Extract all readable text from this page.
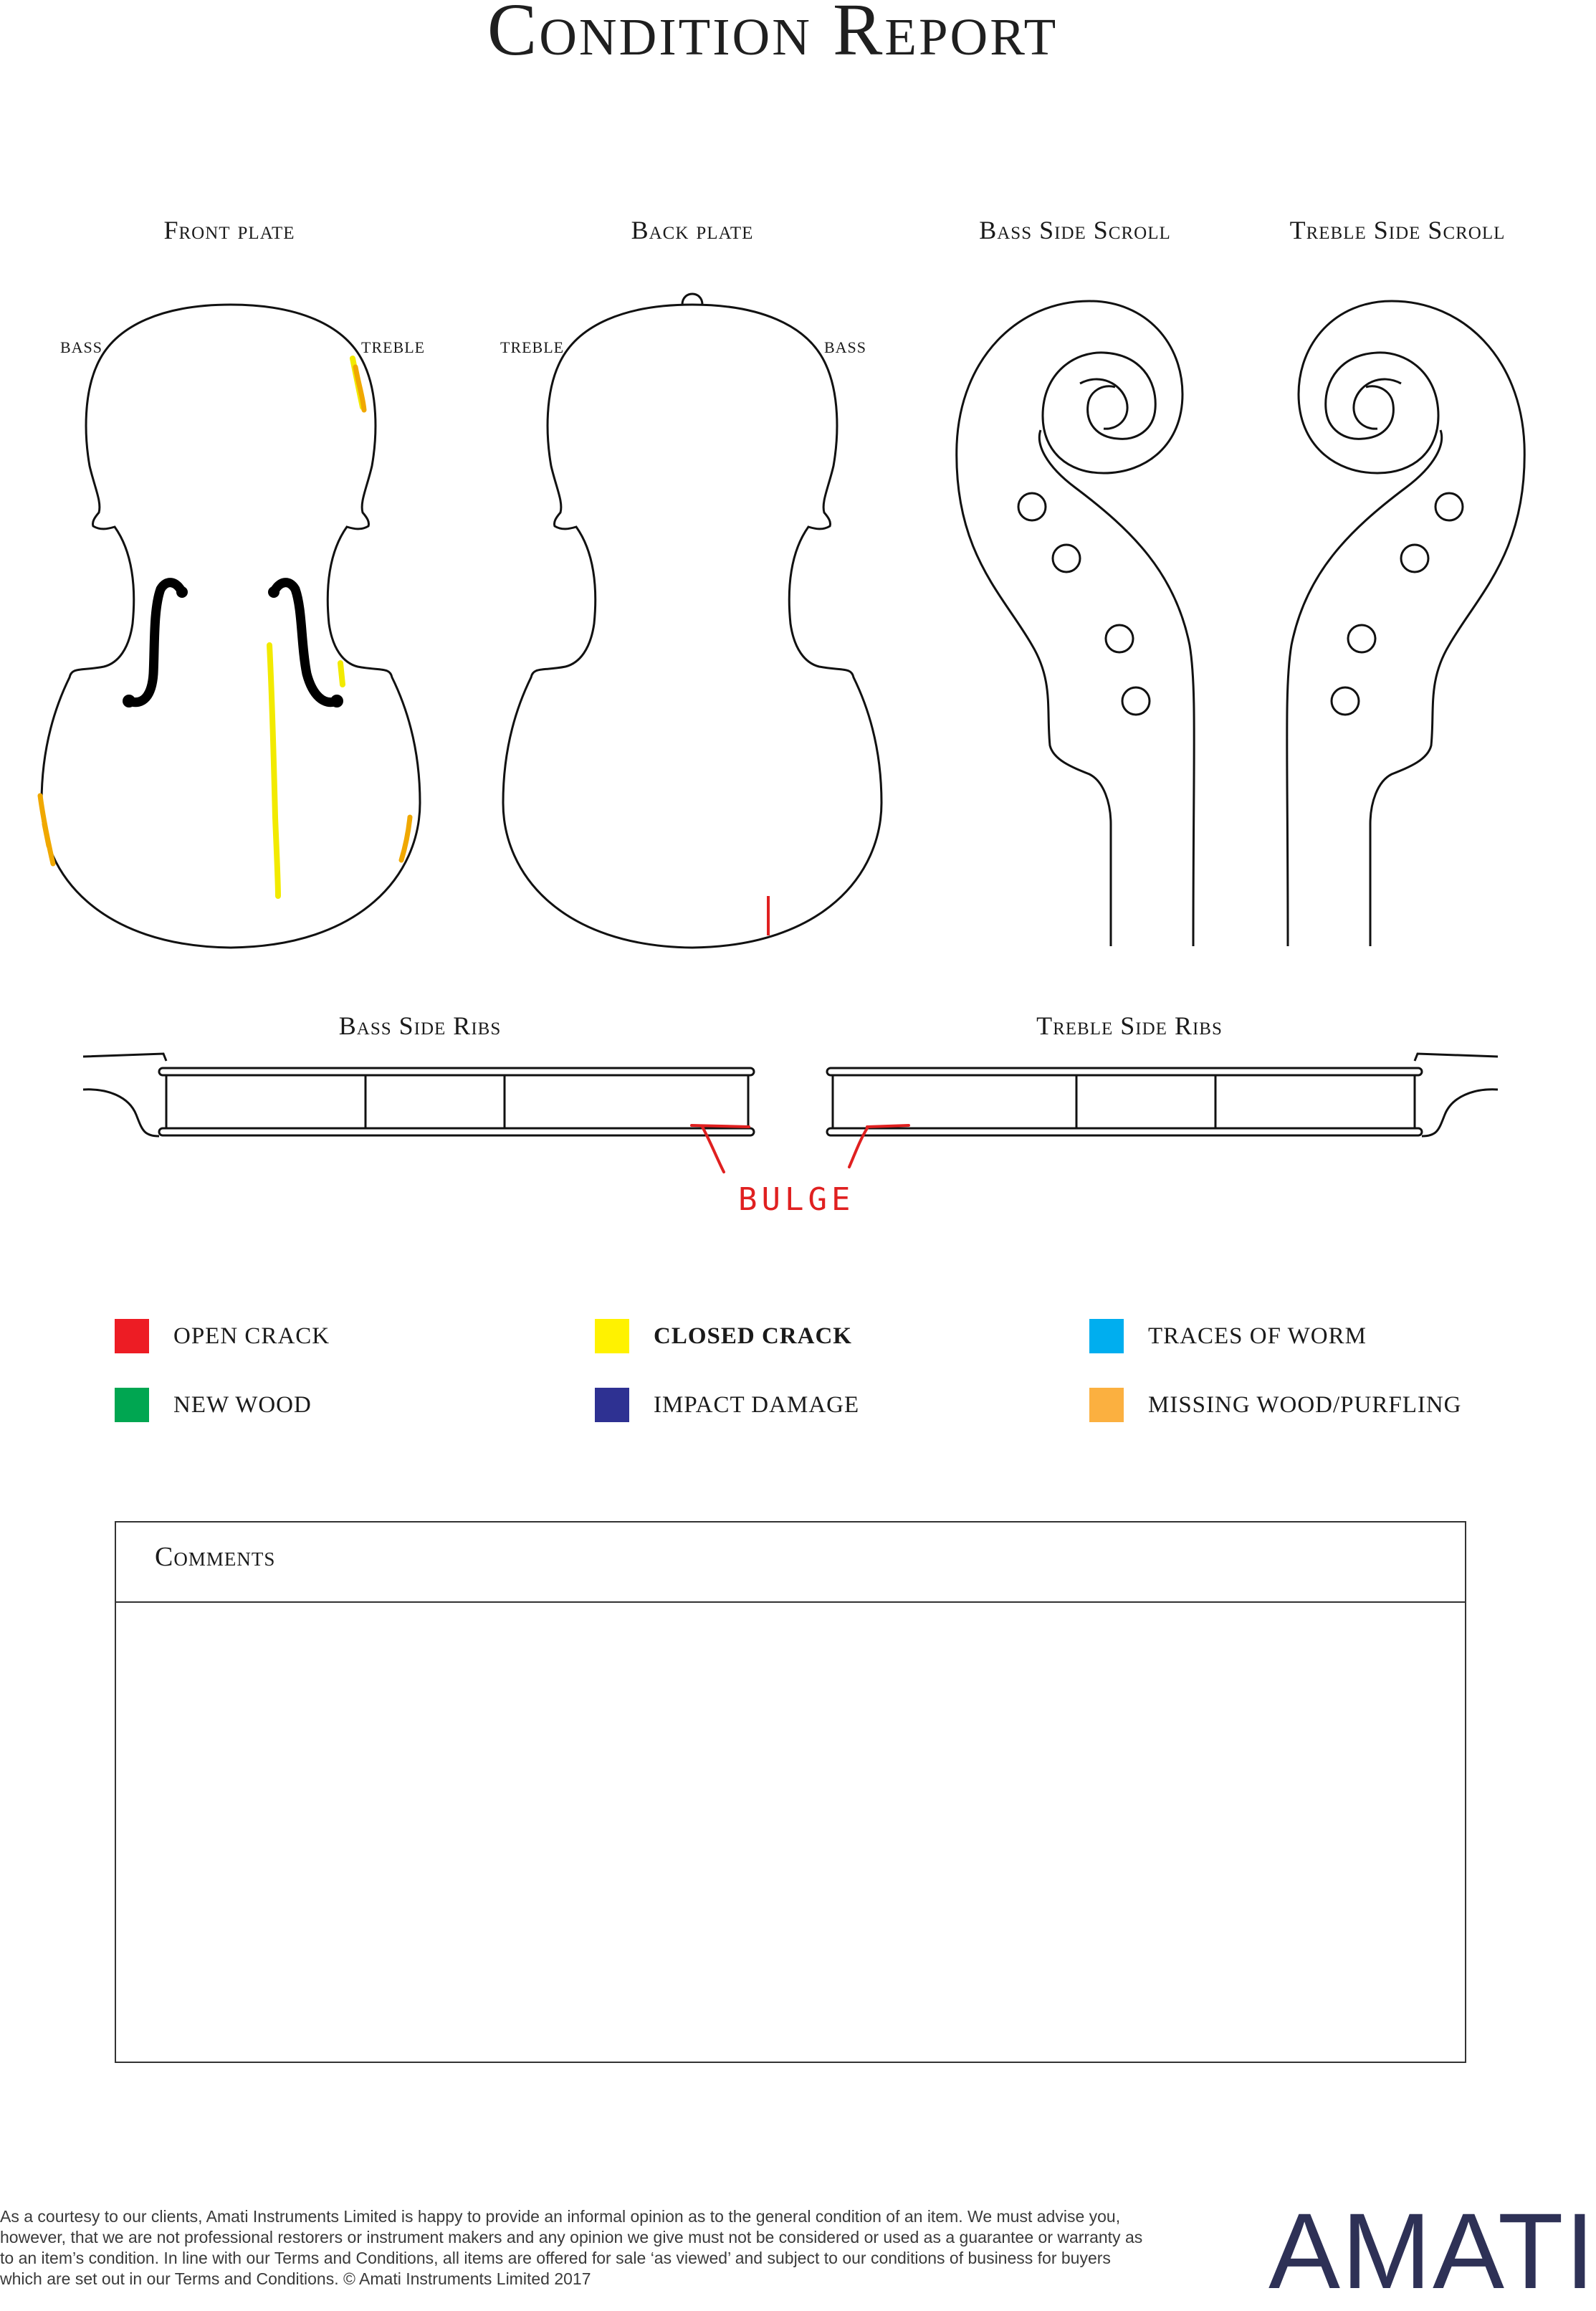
Condition Report
Front plate	Back plate	Bass Side Scroll	Treble Side Scroll
Bass Side Ribs	Treble Side Ribs
BASS	TREBLE	TREBLE	BASS
BULGE
OPEN CRACK	CLOSED CRACK	TRACES OF WORM
NEW WOOD	IMPACT DAMAGE	MISSING WOOD/PURFLING
Comments
As a courtesy to our clients, Amati Instruments Limited is happy to provide an informal opinion as to the general condition of an item. We must advise you, however, that we are not professional restorers or instrument makers and any opinion we give must not be considered or used as a guarantee or warranty as to an item’s condition. In line with our Terms and Conditions, all items are offered for sale ‘as viewed’ and subject to our conditions of business for buyers which are set out in our Terms and Conditions. © Amati Instruments Limited 2017	AMATI
